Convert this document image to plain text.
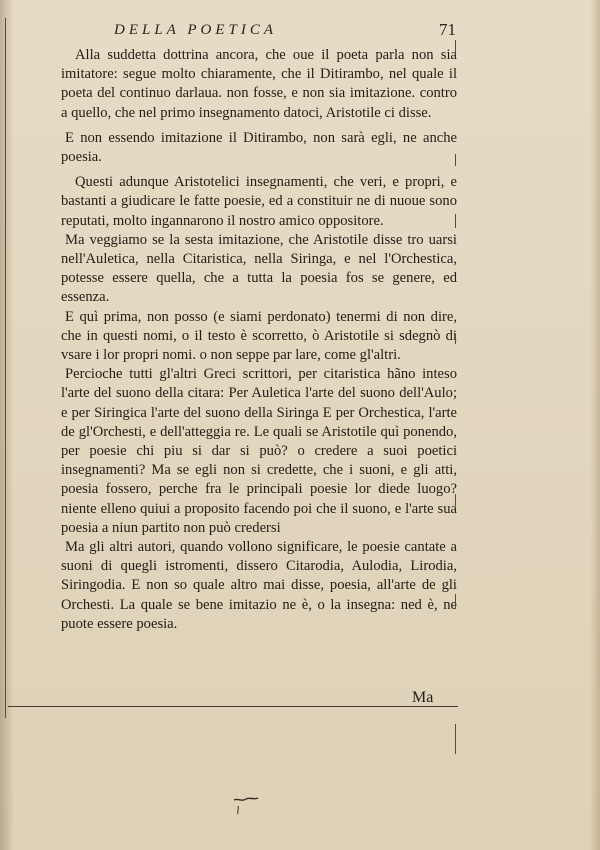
DELLA POETICA	71

Alla suddetta dottrina ancora, che oue il poeta parla non sia imitatore: segue molto chiaramente, che il Ditirambo, nel quale il poeta del continuo darlaua. non fosse, e non sia imitazione. contro a quello, che nel primo insegnamento datoci, Aristotile ci disse.

E non essendo imitazione il Ditirambo, non sarà egli, ne anche poesia.

Questi adunque Aristotelici insegnamenti, che veri, e propri, e bastanti a giudicare le fatte poesie, ed a constituir ne di nuoue sono reputati, molto ingannarono il nostro amico oppositore.

Ma veggiamo se la sesta imitazione, che Aristotile disse tro uarsi nell'Auletica, nella Citaristica, nella Siringa, e nel l'Orchestica, potesse essere quella, che a tutta la poesia fos se genere, ed essenza.

E quì prima, non posso (e siami perdonato) tenermi di non dire, che in questi nomi, o il testo è scorretto, ò Aristotile si sdegnò di vsare i lor propri nomi. o non seppe par lare, come gl'altri.

Percioche tutti gl'altri Greci scrittori, per citaristica hãno inteso l'arte del suono della citara: Per Auletica l'arte del suono dell'Aulo; e per Siringica l'arte del suono della Siringa E per Orchestica, l'arte de gl'Orchesti, e dell'atteggia re. Le quali se Aristotile quì ponendo, per poesie chi piu si dar si può? o credere a suoi poetici insegnamenti? Ma se egli non si credette, che i suoni, e gli atti, poesia fossero, perche fra le principali poesie lor diede luogo? niente elleno quiui a proposito facendo poi che il suono, e l'arte sua poesia a niun partito non può credersi

Ma gli altri autori, quando vollono significare, le poesie cantate a suoni di quegli istromenti, dissero Citarodia, Aulodia, Lirodia, Siringodia. E non so quale altro mai disse, poesia, all'arte de gli Orchesti. La quale se bene imitazio ne è, o la insegna: ned è, ne puote essere poesia.

Ma
